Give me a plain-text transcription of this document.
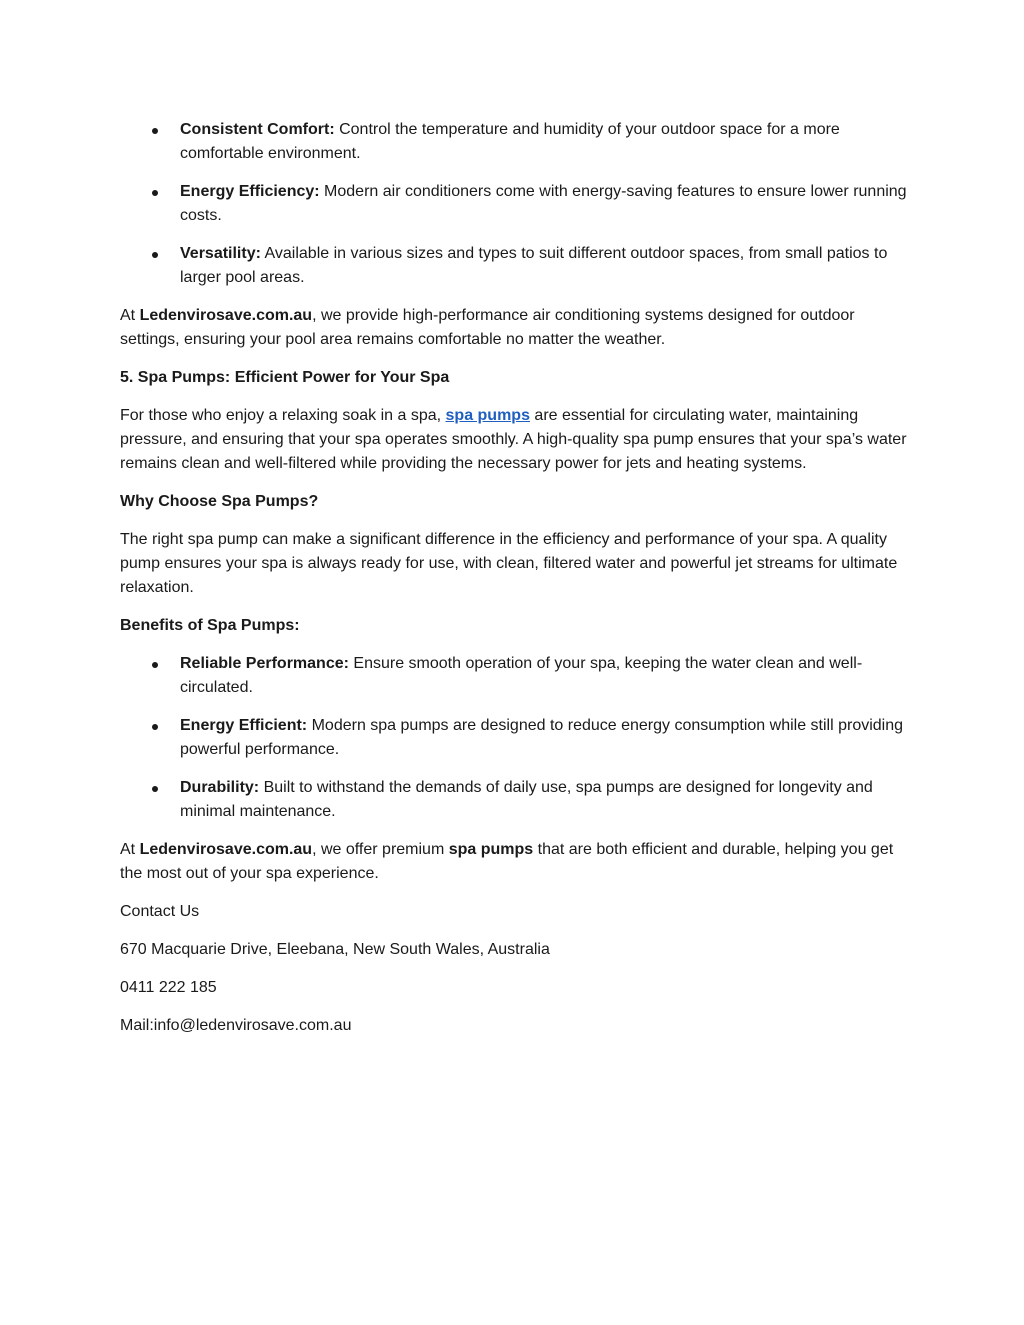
Consistent Comfort: Control the temperature and humidity of your outdoor space for a more comfortable environment.
Energy Efficiency: Modern air conditioners come with energy-saving features to ensure lower running costs.
Versatility: Available in various sizes and types to suit different outdoor spaces, from small patios to larger pool areas.

At Ledenvirosave.com.au, we provide high-performance air conditioning systems designed for outdoor settings, ensuring your pool area remains comfortable no matter the weather.

5. Spa Pumps: Efficient Power for Your Spa

For those who enjoy a relaxing soak in a spa, spa pumps are essential for circulating water, maintaining pressure, and ensuring that your spa operates smoothly. A high-quality spa pump ensures that your spa’s water remains clean and well-filtered while providing the necessary power for jets and heating systems.

Why Choose Spa Pumps?

The right spa pump can make a significant difference in the efficiency and performance of your spa. A quality pump ensures your spa is always ready for use, with clean, filtered water and powerful jet streams for ultimate relaxation.

Benefits of Spa Pumps:

Reliable Performance: Ensure smooth operation of your spa, keeping the water clean and well-circulated.
Energy Efficient: Modern spa pumps are designed to reduce energy consumption while still providing powerful performance.
Durability: Built to withstand the demands of daily use, spa pumps are designed for longevity and minimal maintenance.

At Ledenvirosave.com.au, we offer premium spa pumps that are both efficient and durable, helping you get the most out of your spa experience.

Contact Us

670 Macquarie Drive, Eleebana, New South Wales, Australia

0411 222 185

Mail:info@ledenvirosave.com.au
